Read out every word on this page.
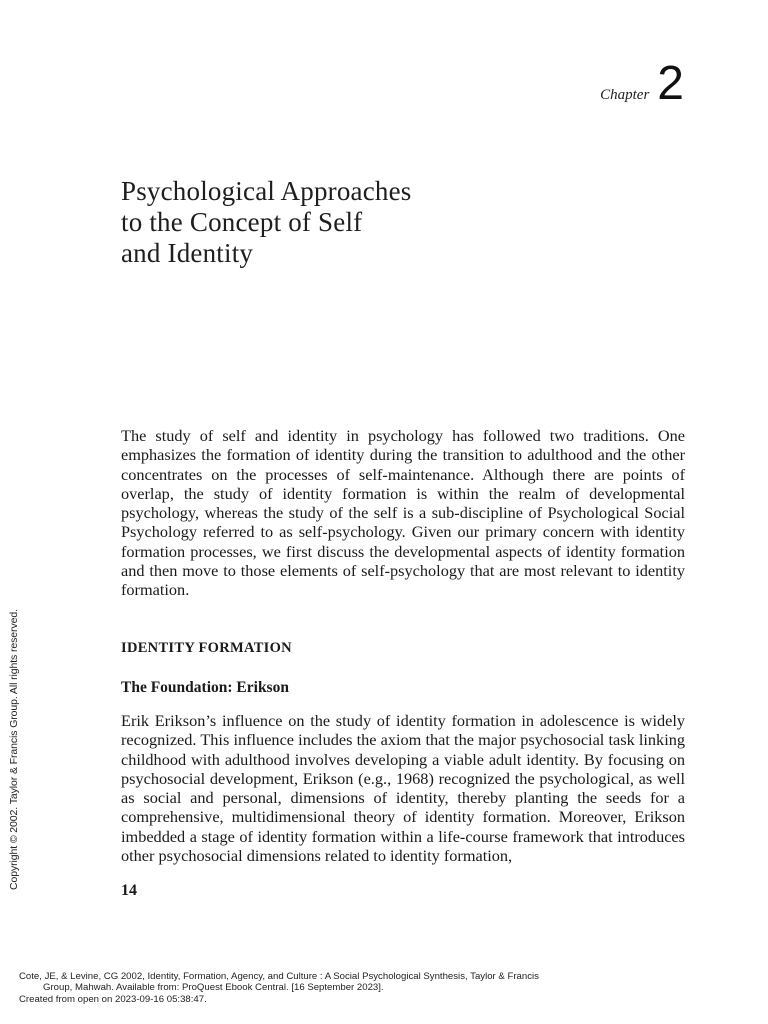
Chapter 2
Psychological Approaches
to the Concept of Self
and Identity

The study of self and identity in psychology has followed two traditions. One emphasizes the formation of identity during the transition to adulthood and the other concentrates on the processes of self-maintenance. Although there are points of overlap, the study of identity formation is within the realm of developmental psychology, whereas the study of the self is a sub-discipline of Psychological Social Psychology referred to as self-psychology. Given our primary concern with identity formation processes, we first discuss the developmental aspects of identity formation and then move to those elements of self-psychology that are most relevant to identity formation.

IDENTITY FORMATION
The Foundation: Erikson

Erik Erikson’s influence on the study of identity formation in adolescence is widely recognized. This influence includes the axiom that the major psychosocial task linking childhood with adulthood involves developing a viable adult identity. By focusing on psychosocial development, Erikson (e.g., 1968) recognized the psychological, as well as social and personal, dimensions of identity, thereby planting the seeds for a comprehensive, multidimensional theory of identity formation. Moreover, Erikson imbedded a stage of identity formation within a life-course framework that introduces other psychosocial dimensions related to identity formation,

14
Copyright © 2002. Taylor & Francis Group. All rights reserved.
Cote, JE, & Levine, CG 2002, Identity, Formation, Agency, and Culture : A Social Psychological Synthesis, Taylor & Francis
Group, Mahwah. Available from: ProQuest Ebook Central. [16 September 2023].
Created from open on 2023-09-16 05:38:47.
